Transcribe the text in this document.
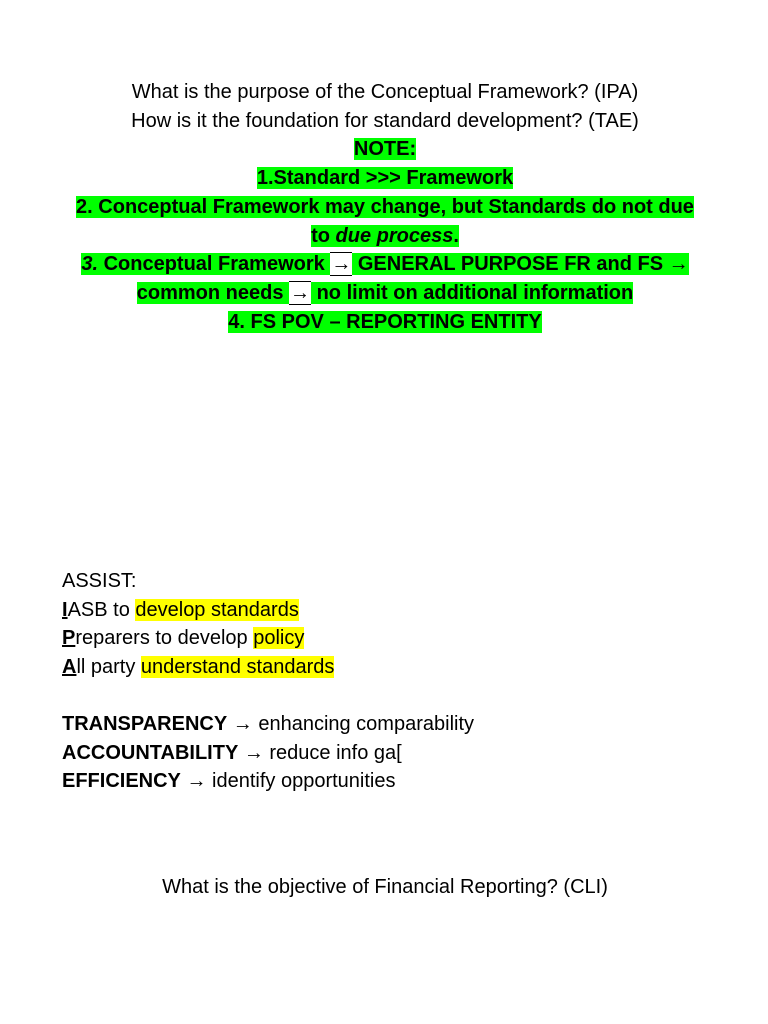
What is the purpose of the Conceptual Framework? (IPA)
How is it the foundation for standard development? (TAE)
NOTE:
1.Standard >>> Framework
2. Conceptual Framework may change, but Standards do not due
to due process.
3. Conceptual Framework → GENERAL PURPOSE FR and FS →
common needs → no limit on additional information
4. FS POV – REPORTING ENTITY
ASSIST:
IASB to develop standards
Preparers to develop policy
All party understand standards
TRANSPARENCY → enhancing comparability
ACCOUNTABILITY → reduce info ga[
EFFICIENCY → identify opportunities
What is the objective of Financial Reporting? (CLI)
